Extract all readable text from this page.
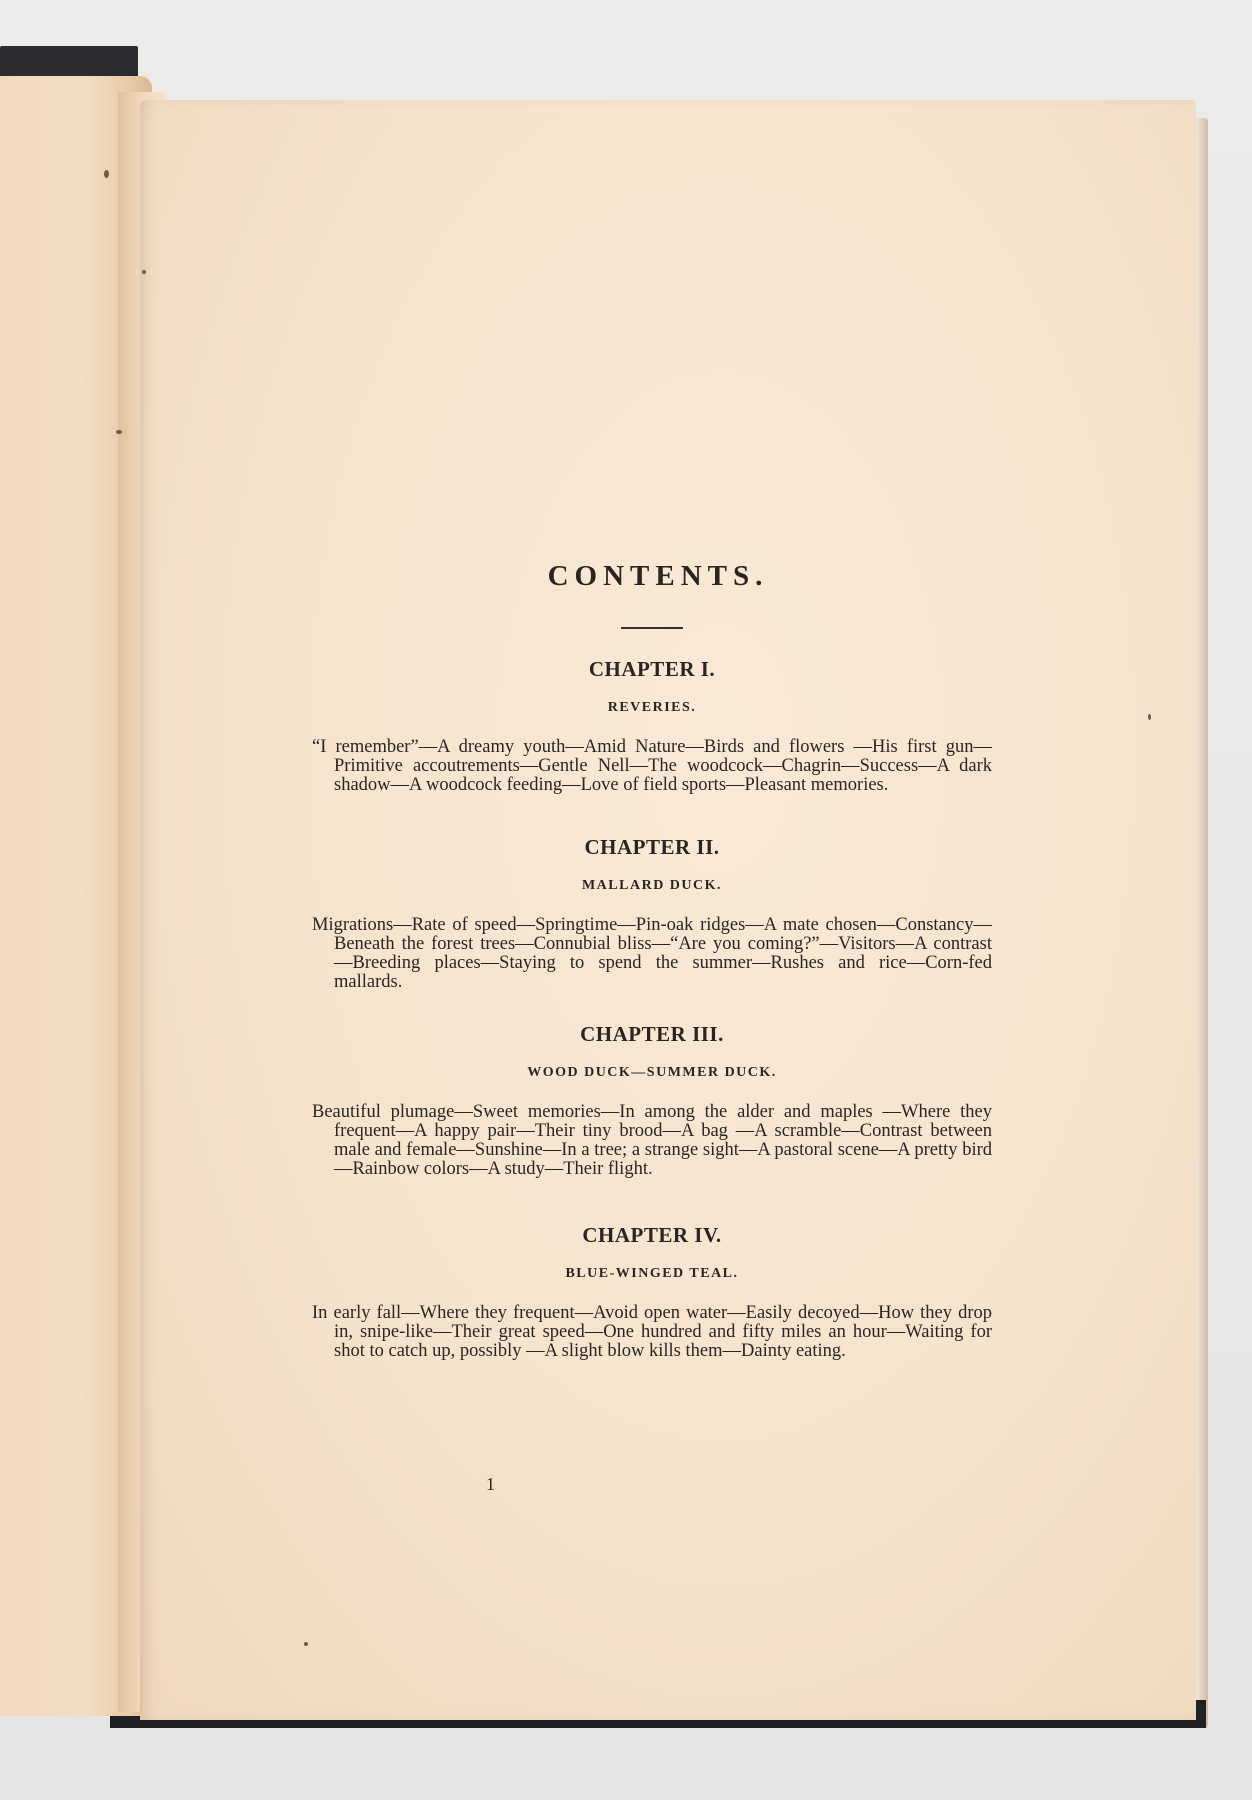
CONTENTS.
CHAPTER I.
REVERIES.

“I remember”—A dreamy youth—Amid Nature—Birds and flowers —His first gun—Primitive accoutrements—Gentle Nell—The woodcock—Chagrin—Success—A dark shadow—A woodcock feeding—Love of field sports—Pleasant memories.

CHAPTER II.
MALLARD DUCK.

Migrations—Rate of speed—Springtime—Pin-oak ridges—A mate chosen—Constancy—Beneath the forest trees—Connubial bliss—“Are you coming?”—Visitors—A contrast—Breeding places—Staying to spend the summer—Rushes and rice—Corn-fed mallards.

CHAPTER III.
WOOD DUCK—SUMMER DUCK.

Beautiful plumage—Sweet memories—In among the alder and maples —Where they frequent—A happy pair—Their tiny brood—A bag —A scramble—Contrast between male and female—Sunshine—In a tree; a strange sight—A pastoral scene—A pretty bird—Rainbow colors—A study—Their flight.

CHAPTER IV.
BLUE-WINGED TEAL.

In early fall—Where they frequent—Avoid open water—Easily decoyed—How they drop in, snipe-like—Their great speed—One hundred and fifty miles an hour—Waiting for shot to catch up, possibly —A slight blow kills them—Dainty eating.

1
